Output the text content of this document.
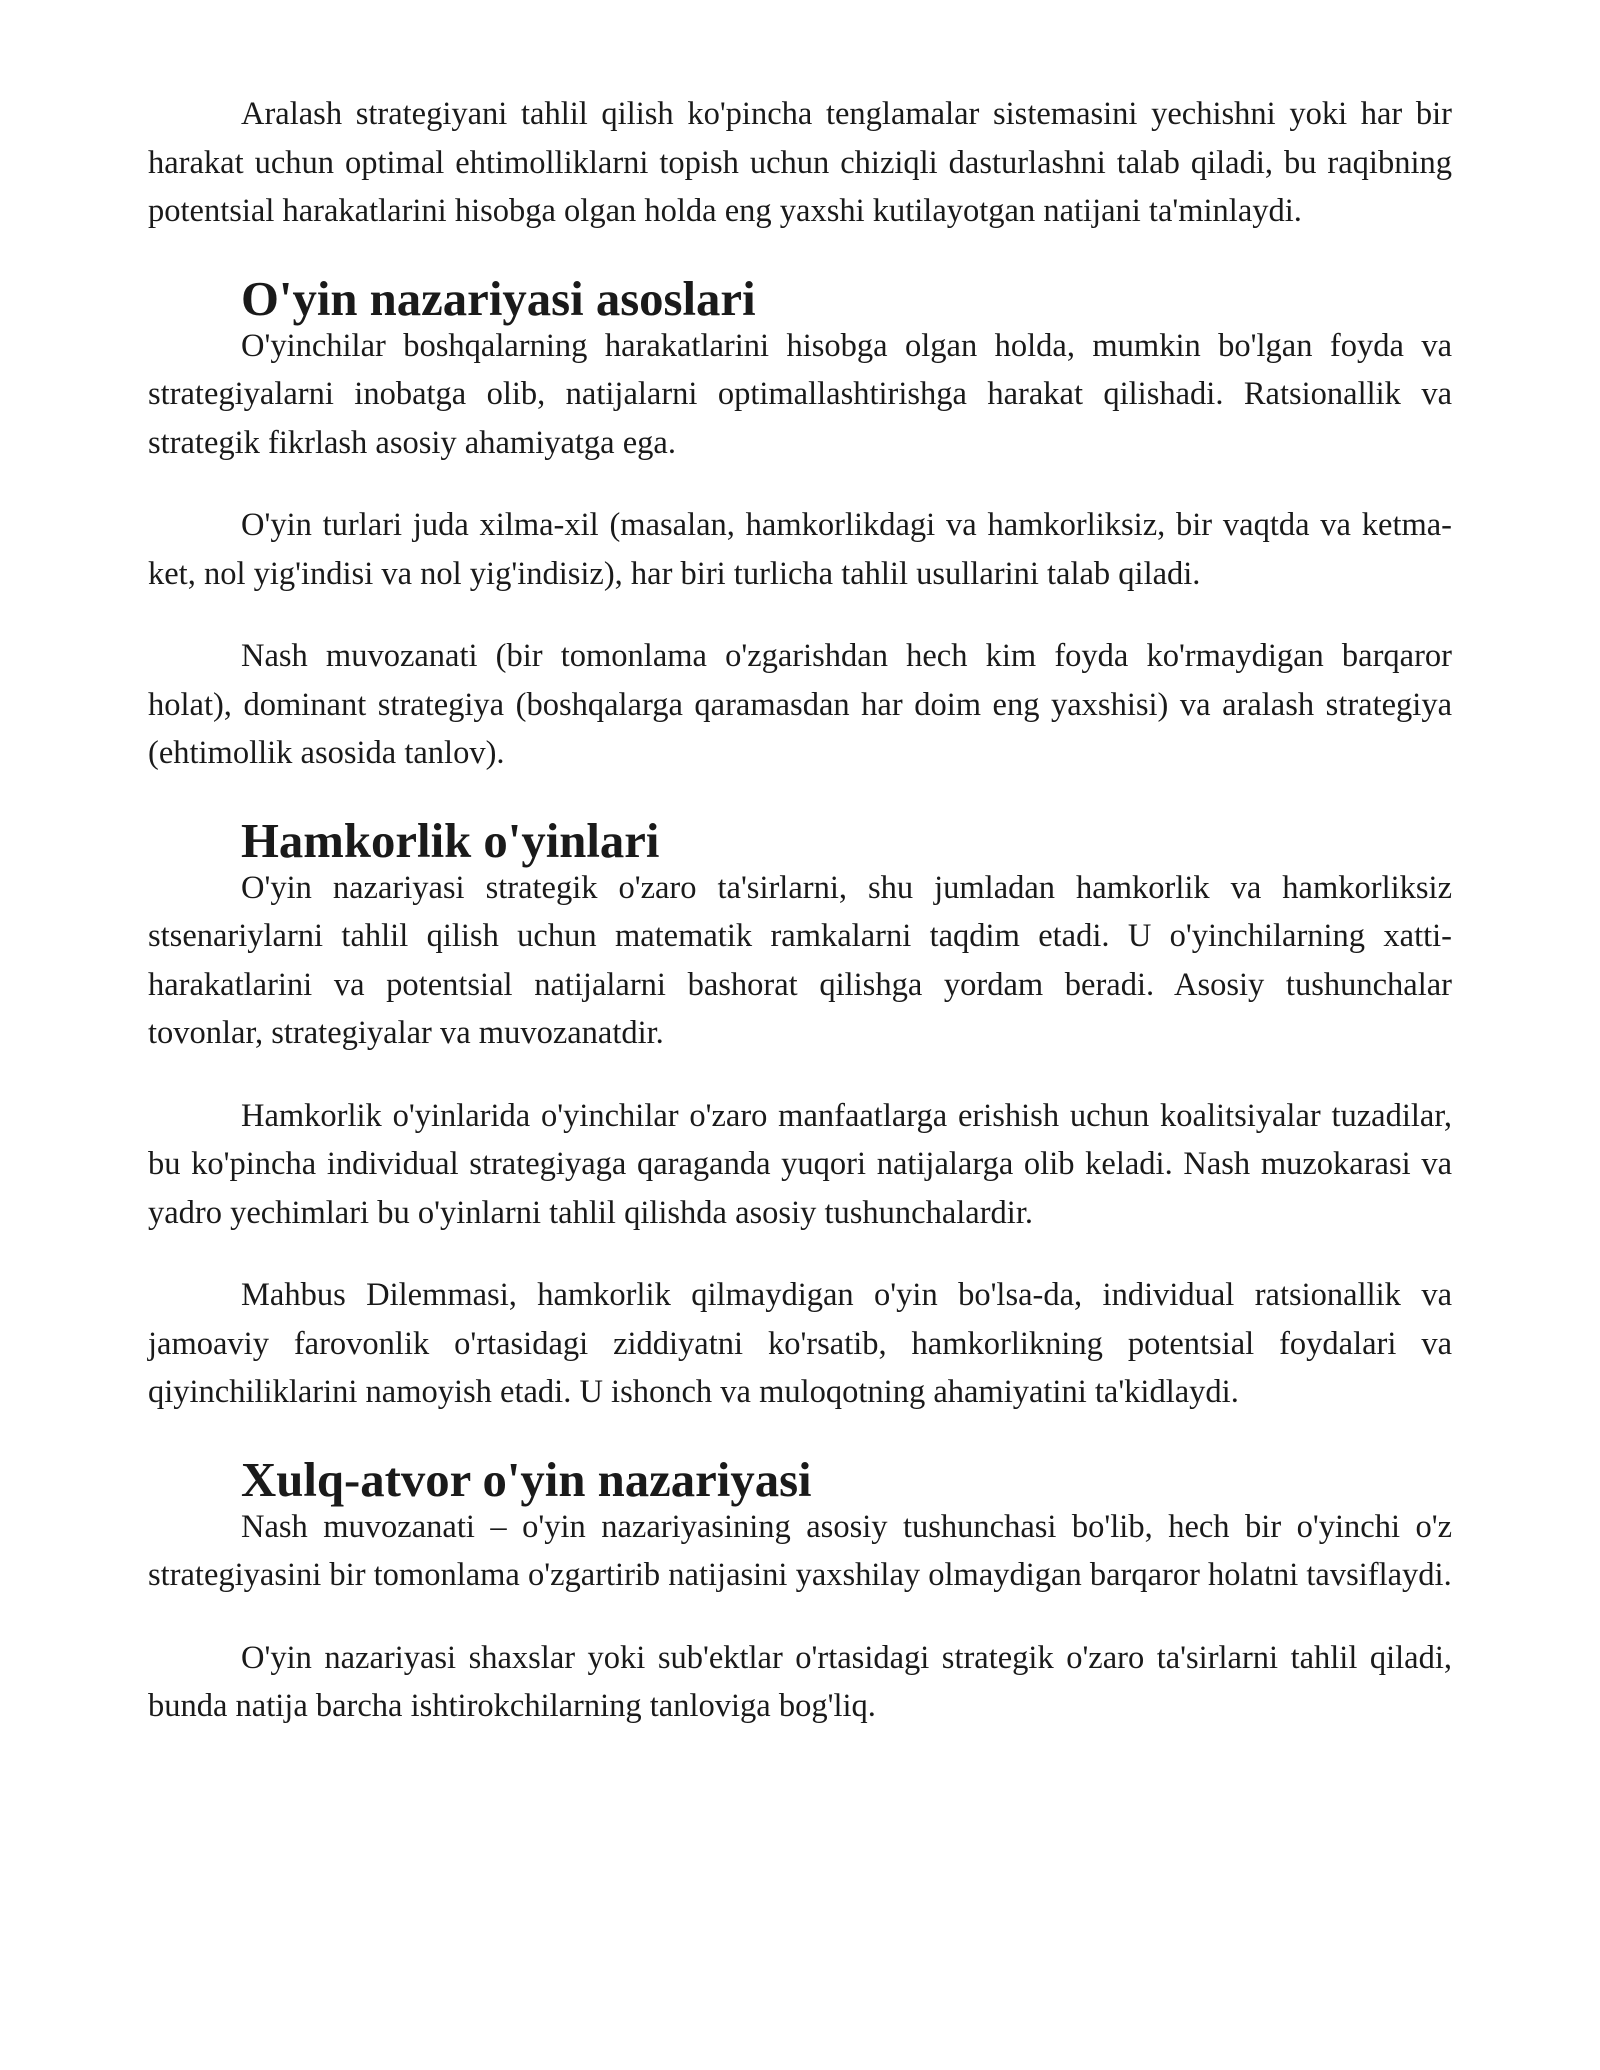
Aralash strategiyani tahlil qilish ko'pincha tenglamalar sistemasini yechishni yoki har bir harakat uchun optimal ehtimolliklarni topish uchun chiziqli dasturlashni talab qiladi, bu raqibning potentsial harakatlarini hisobga olgan holda eng yaxshi kutilayotgan natijani ta'minlaydi.

O'yin nazariyasi asoslari

O'yinchilar boshqalarning harakatlarini hisobga olgan holda, mumkin bo'lgan foyda va strategiyalarni inobatga olib, natijalarni optimallashtirishga harakat qilishadi. Ratsionallik va strategik fikrlash asosiy ahamiyatga ega.

O'yin turlari juda xilma-xil (masalan, hamkorlikdagi va hamkorliksiz, bir vaqtda va ketma-ket, nol yig'indisi va nol yig'indisiz), har biri turlicha tahlil usullarini talab qiladi.

Nash muvozanati (bir tomonlama o'zgarishdan hech kim foyda ko'rmaydigan barqaror holat), dominant strategiya (boshqalarga qaramasdan har doim eng yaxshisi) va aralash strategiya (ehtimollik asosida tanlov).

Hamkorlik o'yinlari

O'yin nazariyasi strategik o'zaro ta'sirlarni, shu jumladan hamkorlik va hamkorliksiz stsenariylarni tahlil qilish uchun matematik ramkalarni taqdim etadi. U o'yinchilarning xatti-harakatlarini va potentsial natijalarni bashorat qilishga yordam beradi. Asosiy tushunchalar tovonlar, strategiyalar va muvozanatdir.

Hamkorlik o'yinlarida o'yinchilar o'zaro manfaatlarga erishish uchun koalitsiyalar tuzadilar, bu ko'pincha individual strategiyaga qaraganda yuqori natijalarga olib keladi. Nash muzokarasi va yadro yechimlari bu o'yinlarni tahlil qilishda asosiy tushunchalardir.

Mahbus Dilemmasi, hamkorlik qilmaydigan o'yin bo'lsa-da, individual ratsionallik va jamoaviy farovonlik o'rtasidagi ziddiyatni ko'rsatib, hamkorlikning potentsial foydalari va qiyinchiliklarini namoyish etadi. U ishonch va muloqotning ahamiyatini ta'kidlaydi.

Xulq-atvor o'yin nazariyasi

Nash muvozanati – o'yin nazariyasining asosiy tushunchasi bo'lib, hech bir o'yinchi o'z strategiyasini bir tomonlama o'zgartirib natijasini yaxshilay olmaydigan barqaror holatni tavsiflaydi.

O'yin nazariyasi shaxslar yoki sub'ektlar o'rtasidagi strategik o'zaro ta'sirlarni tahlil qiladi, bunda natija barcha ishtirokchilarning tanloviga bog'liq.
